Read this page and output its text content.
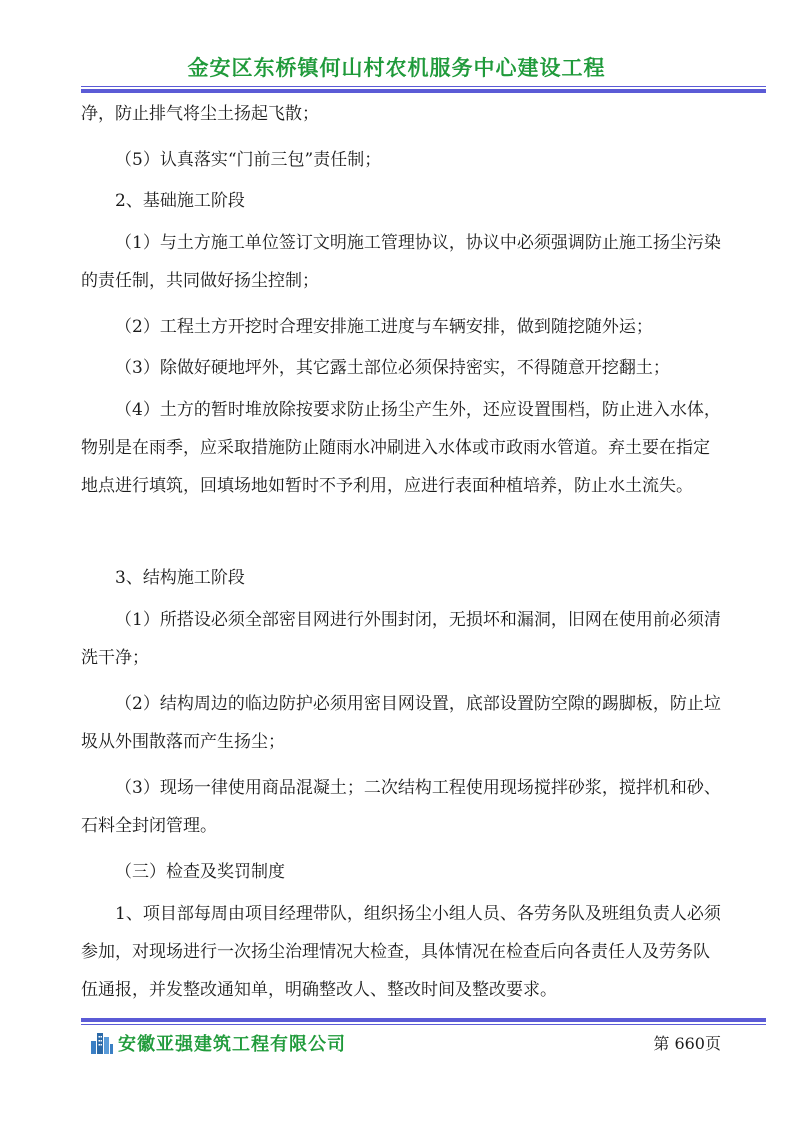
金安区东桥镇何山村农机服务中心建设工程
净，防止排气将尘土扬起飞散；
（5）认真落实“门前三包”责任制；
2、基础施工阶段
（1）与土方施工单位签订文明施工管理协议，协议中必须强调防止施工扬尘污染的责任制，共同做好扬尘控制；
（2）工程土方开挖时合理安排施工进度与车辆安排，做到随挖随外运；
（3）除做好硬地坪外，其它露土部位必须保持密实，不得随意开挖翻土；
（4）土方的暂时堆放除按要求防止扬尘产生外，还应设置围档，防止进入水体，物别是在雨季，应采取措施防止随雨水冲刷进入水体或市政雨水管道。弃土要在指定地点进行填筑，回填场地如暂时不予利用，应进行表面种植培养，防止水土流失。
3、结构施工阶段
（1）所搭设必须全部密目网进行外围封闭，无损坏和漏洞，旧网在使用前必须清洗干净；
（2）结构周边的临边防护必须用密目网设置，底部设置防空隙的踢脚板，防止垃圾从外围散落而产生扬尘；
（3）现场一律使用商品混凝土；二次结构工程使用现场搅拌砂浆，搅拌机和砂、石料全封闭管理。
（三）检查及奖罚制度
1、项目部每周由项目经理带队，组织扬尘小组人员、各劳务队及班组负责人必须参加，对现场进行一次扬尘治理情况大检查，具体情况在检查后向各责任人及劳务队伍通报，并发整改通知单，明确整改人、整改时间及整改要求。
安徽亚强建筑工程有限公司	第 660页
